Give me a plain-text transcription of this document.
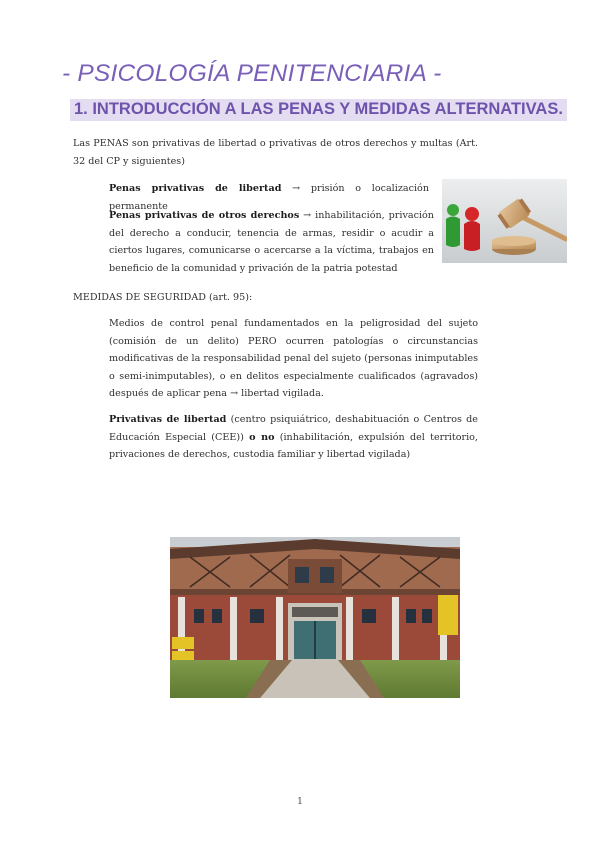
- PSICOLOGÍA PENITENCIARIA -
1. INTRODUCCIÓN A LAS PENAS Y MEDIDAS ALTERNATIVAS.
Las PENAS son privativas de libertad o privativas de otros derechos y multas (Art. 32 del CP y siguientes)
Penas privativas de libertad → prisión o localización permanente
Penas privativas de otros derechos → inhabilitación, privación del derecho a conducir, tenencia de armas, residir o acudir a ciertos lugares, comunicarse o acercarse a la víctima, trabajos en beneficio de la comunidad y privación de la patria potestad
MEDIDAS DE SEGURIDAD (art. 95):
Medios de control penal fundamentados en la peligrosidad del sujeto (comisión de un delito) PERO ocurren patologías o circunstancias modificativas de la responsabilidad penal del sujeto (personas inimputables o semi-inimputables), o en delitos especialmente cualificados (agravados) después de aplicar pena → libertad vigilada.
Privativas de libertad (centro psiquiátrico, deshabituación o Centros de Educación Especial (CEE)) o no (inhabilitación, expulsión del territorio, privaciones de derechos, custodia familiar y libertad vigilada)
1
